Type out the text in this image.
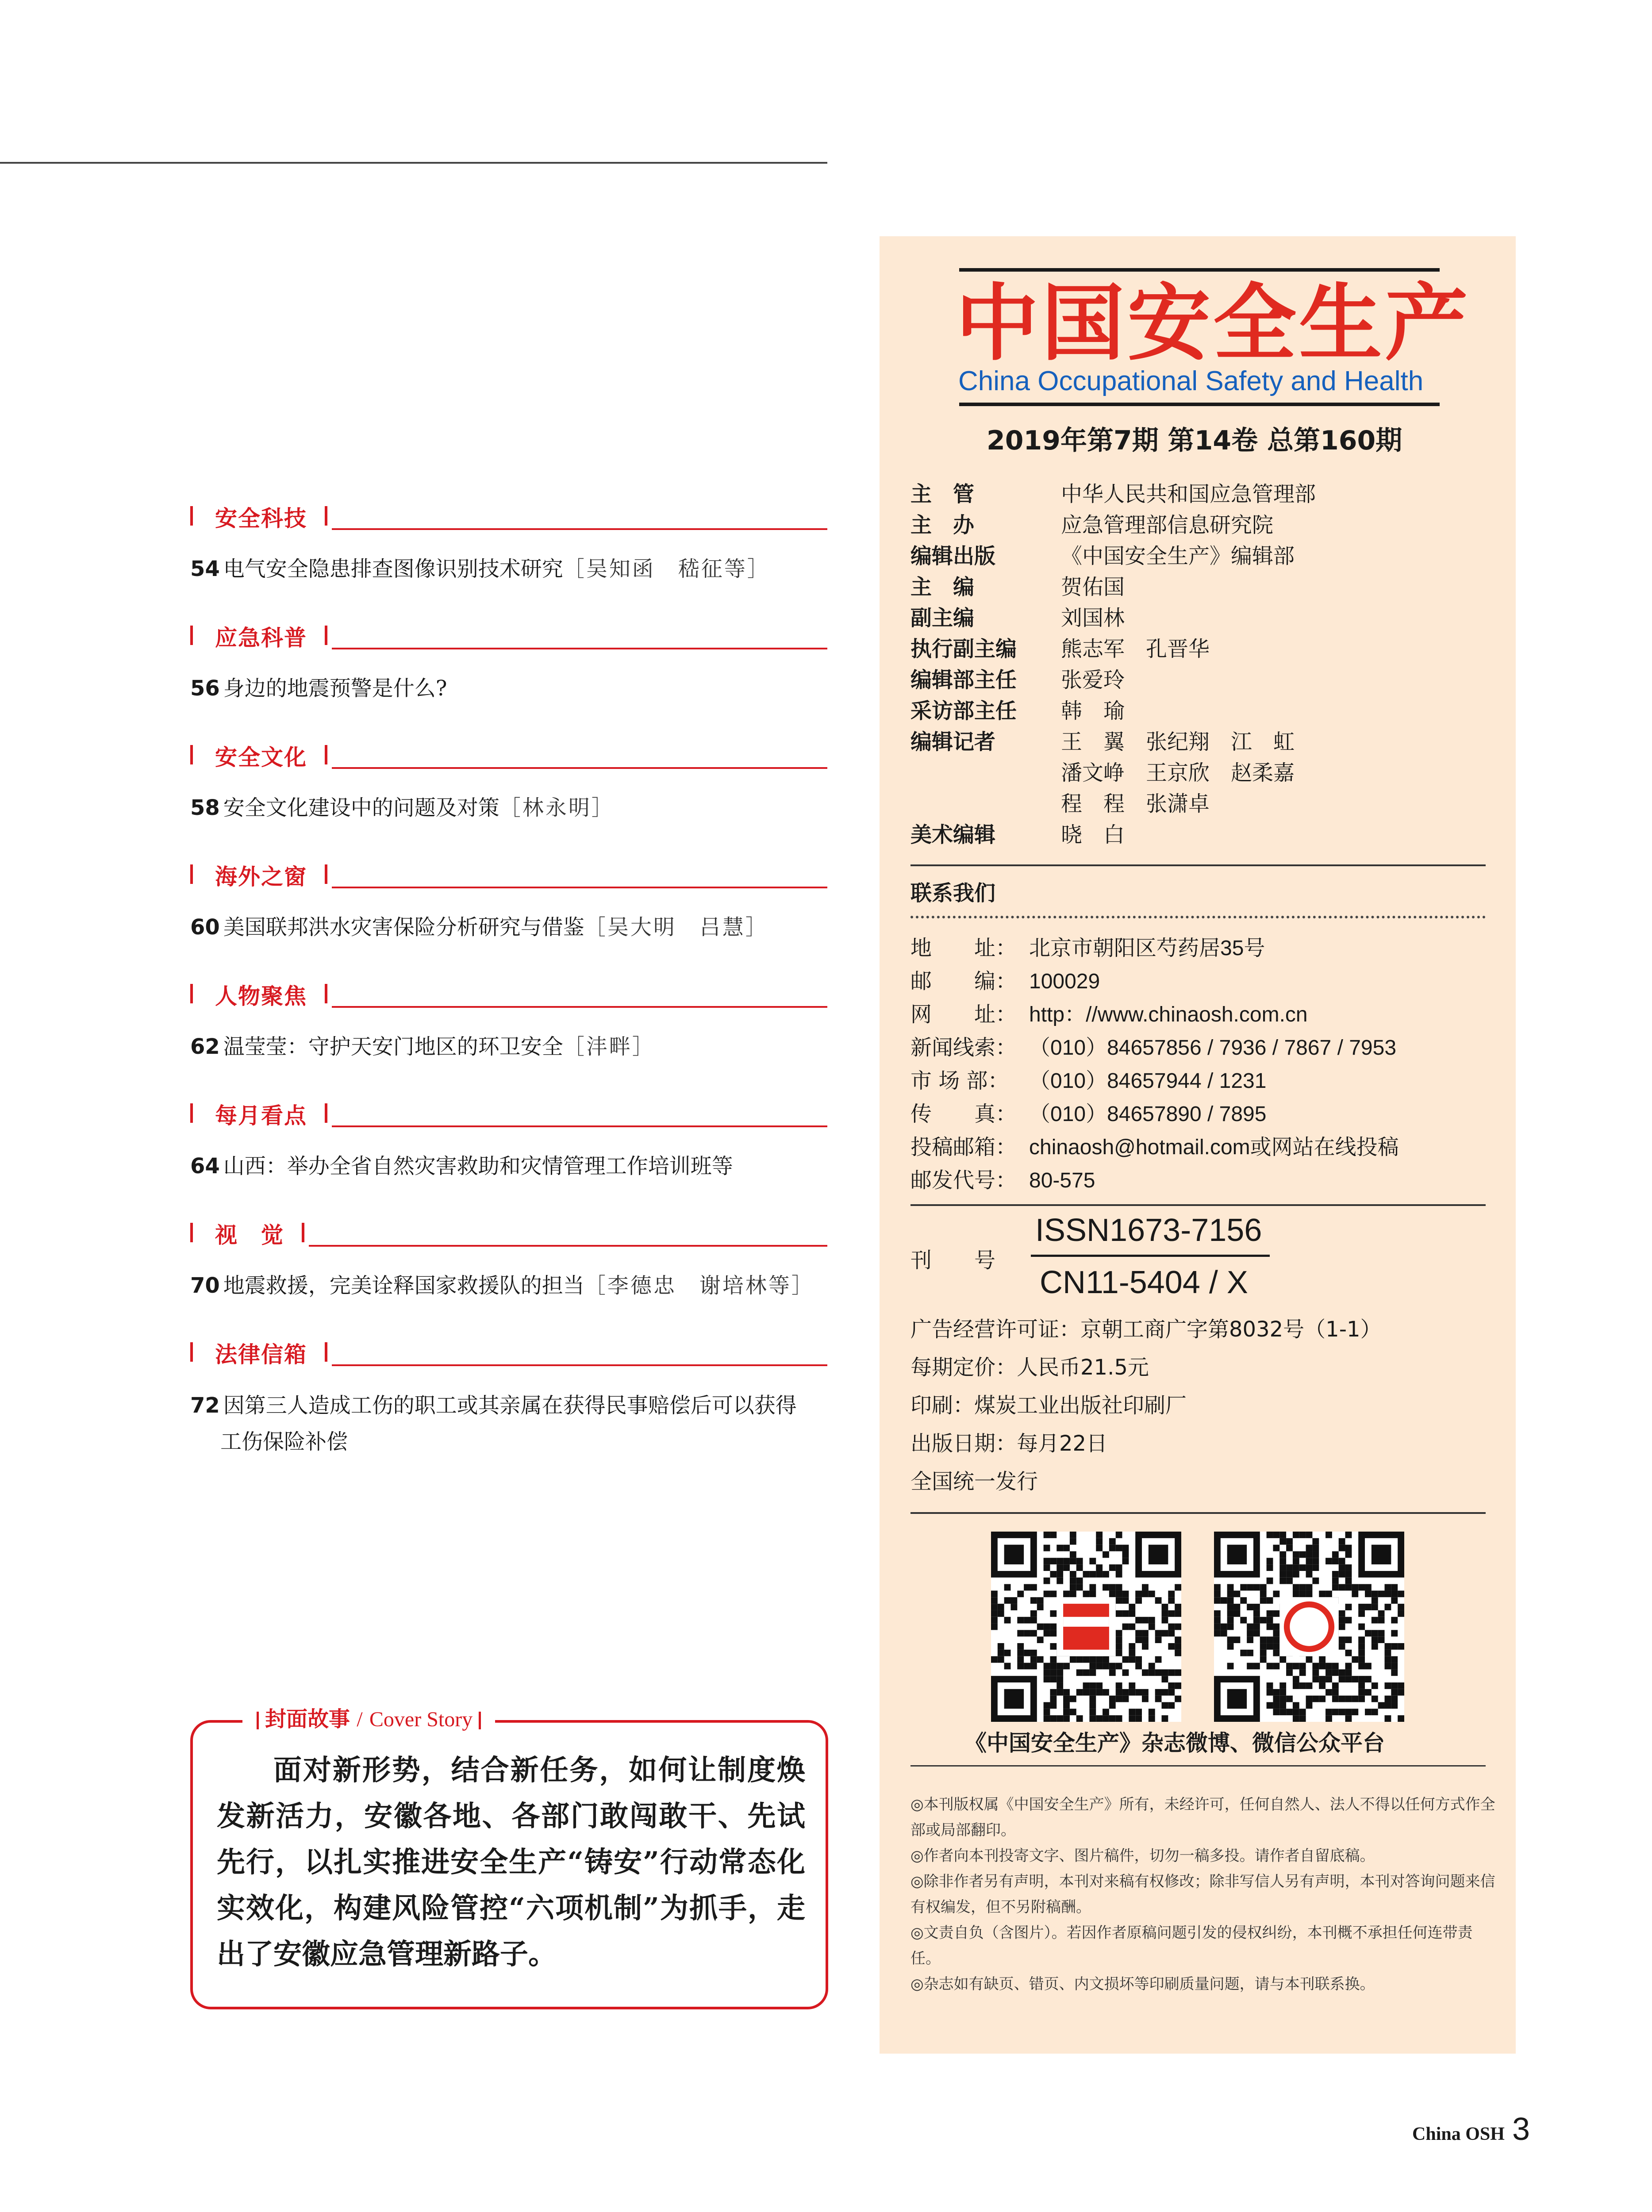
安全科技
54 电气安全隐患排查图像识别技术研究［吴知函　嵇征等］
应急科普
56 身边的地震预警是什么?
安全文化
58 安全文化建设中的问题及对策［林永明］
海外之窗
60 美国联邦洪水灾害保险分析研究与借鉴［吴大明　吕慧］
人物聚焦
62 温莹莹：守护天安门地区的环卫安全［沣畔］
每月看点
64 山西：举办全省自然灾害救助和灾情管理工作培训班等
视　觉
70 地震救援，完美诠释国家救援队的担当［李德忠　谢培林等］
法律信箱
72 因第三人造成工伤的职工或其亲属在获得民事赔偿后可以获得
工伤保险补偿
封面故事 / Cover Story
面对新形势，结合新任务，如何让制度焕发新活力，安徽各地、各部门敢闯敢干、先试先行，以扎实推进安全生产“铸安”行动常态化实效化，构建风险管控“六项机制”为抓手，走出了安徽应急管理新路子。
中国安全生产
China Occupational Safety and Health
2019年第7期 第14卷 总第160期
主　管	中华人民共和国应急管理部
主　办	应急管理部信息研究院
编辑出版	《中国安全生产》编辑部
主　编	贺佑国
副主编	刘国林
执行副主编 熊志军　孔晋华
编辑部主任 张爱玲
采访部主任 韩　瑜
编辑记者	王　翼　张纪翔　江　虹
潘文峥　王京欣　赵柔嘉
程　程　张潇卓
美术编辑	晓　白
联系我们
地　　址： 北京市朝阳区芍药居35号
邮　　编： 100029
网　　址： http：//www.chinaosh.com.cn
新闻线索： （010）84657856 / 7936 / 7867 / 7953
市 场 部： （010）84657944 / 1231
传　　真： （010）84657890 / 7895
投稿邮箱： chinaosh@hotmail.com或网站在线投稿
邮发代号： 80-575
刊　　号
ISSN1673-7156
CN11-5404 / X
广告经营许可证：京朝工商广字第8032号（1-1）
每期定价：人民币21.5元
印刷：煤炭工业出版社印刷厂
出版日期：每月22日
全国统一发行
《中国安全生产》杂志微博、微信公众平台

◎本刊版权属《中国安全生产》所有，未经许可，任何自然人、法人不得以任何方式作全部或局部翻印。

◎作者向本刊投寄文字、图片稿件，切勿一稿多投。请作者自留底稿。

◎除非作者另有声明，本刊对来稿有权修改；除非写信人另有声明，本刊对答询问题来信有权编发，但不另附稿酬。

◎文责自负（含图片）。若因作者原稿问题引发的侵权纠纷，本刊概不承担任何连带责任。

◎杂志如有缺页、错页、内文损坏等印刷质量问题，请与本刊联系换。

China OSH 3
